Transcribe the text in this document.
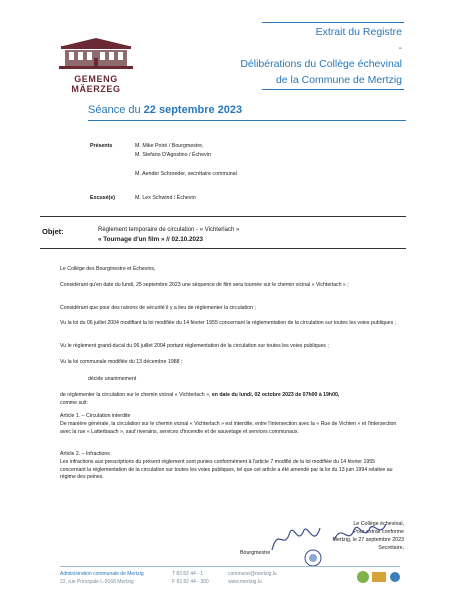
GEMENG MÄERZEG
Extrait du Registre
-
Délibérations du Collège échevinal
de la Commune de Mertzig
Séance du 22 septembre 2023
Présents	M. Mike Poiré / Bourgmestre,
M. Stefano D'Agostino / Échevin
M. Aender Schroeder, secrétaire communal
Excusé(e)	M. Lex Schwind / Échevin
Objet:	Règlement temporaire de circulation - « Vichterlach »
« Tournage d'un film » // 02.10.2023
Le Collège des Bourgmestre et Échevins,
Considérant qu'en date du lundi, 25 septembre 2023 une séquence de film sera tournée sur le chemin vicinal « Vichterlach » ;
Considérant que pour des raisons de sécurité il y a lieu de réglementer la circulation ;
Vu la loi du 06 juillet 2004 modifiant la loi modifiée du 14 février 1955 concernant la réglementation de la circulation sur toutes les voies publiques ;
Vu le règlement grand-ducal du 06 juillet 2004 portant réglementation de la circulation sur toutes les voies publiques ;
Vu la loi communale modifiée du 13 décembre 1988 ;
décide unanimement
de réglementer la circulation sur le chemin vicinal « Vichterlach », en date du lundi, 02 octobre 2023 de 07h00 à 19h00,
comme suit:
Article 1. – Circulation interdite
De manière générale, la circulation sur le chemin vicinal « Vichterlach » est interdite, entre l'intersection avec la « Rue de Vichten » et l'intersection avec la rue « Latterbaach », sauf riverains, services d'incendie et de sauvetage et services communaux.
Article 2. – Infractions
Les infractions aux prescriptions du présent règlement sont punies conformément à l'article 7 modifié de la loi modifiée du 14 février 1955 concernant la réglementation de la circulation sur toutes les voies publiques, tel que cet article a été amendé par la loi du 13 juin 1994 relative au régime des peines.
Le Collège échevinal,
Pour extrait conforme
Mertzig, le 27 septembre 2023
Secrétaire,
Bourgmestre
Administration communale de Mertzig
22, rue Principale L-9168 Mertzig
T 83 82 44 - 1
F 83 82 44 - 300
commune@mertzig.lu
www.mertzig.lu
